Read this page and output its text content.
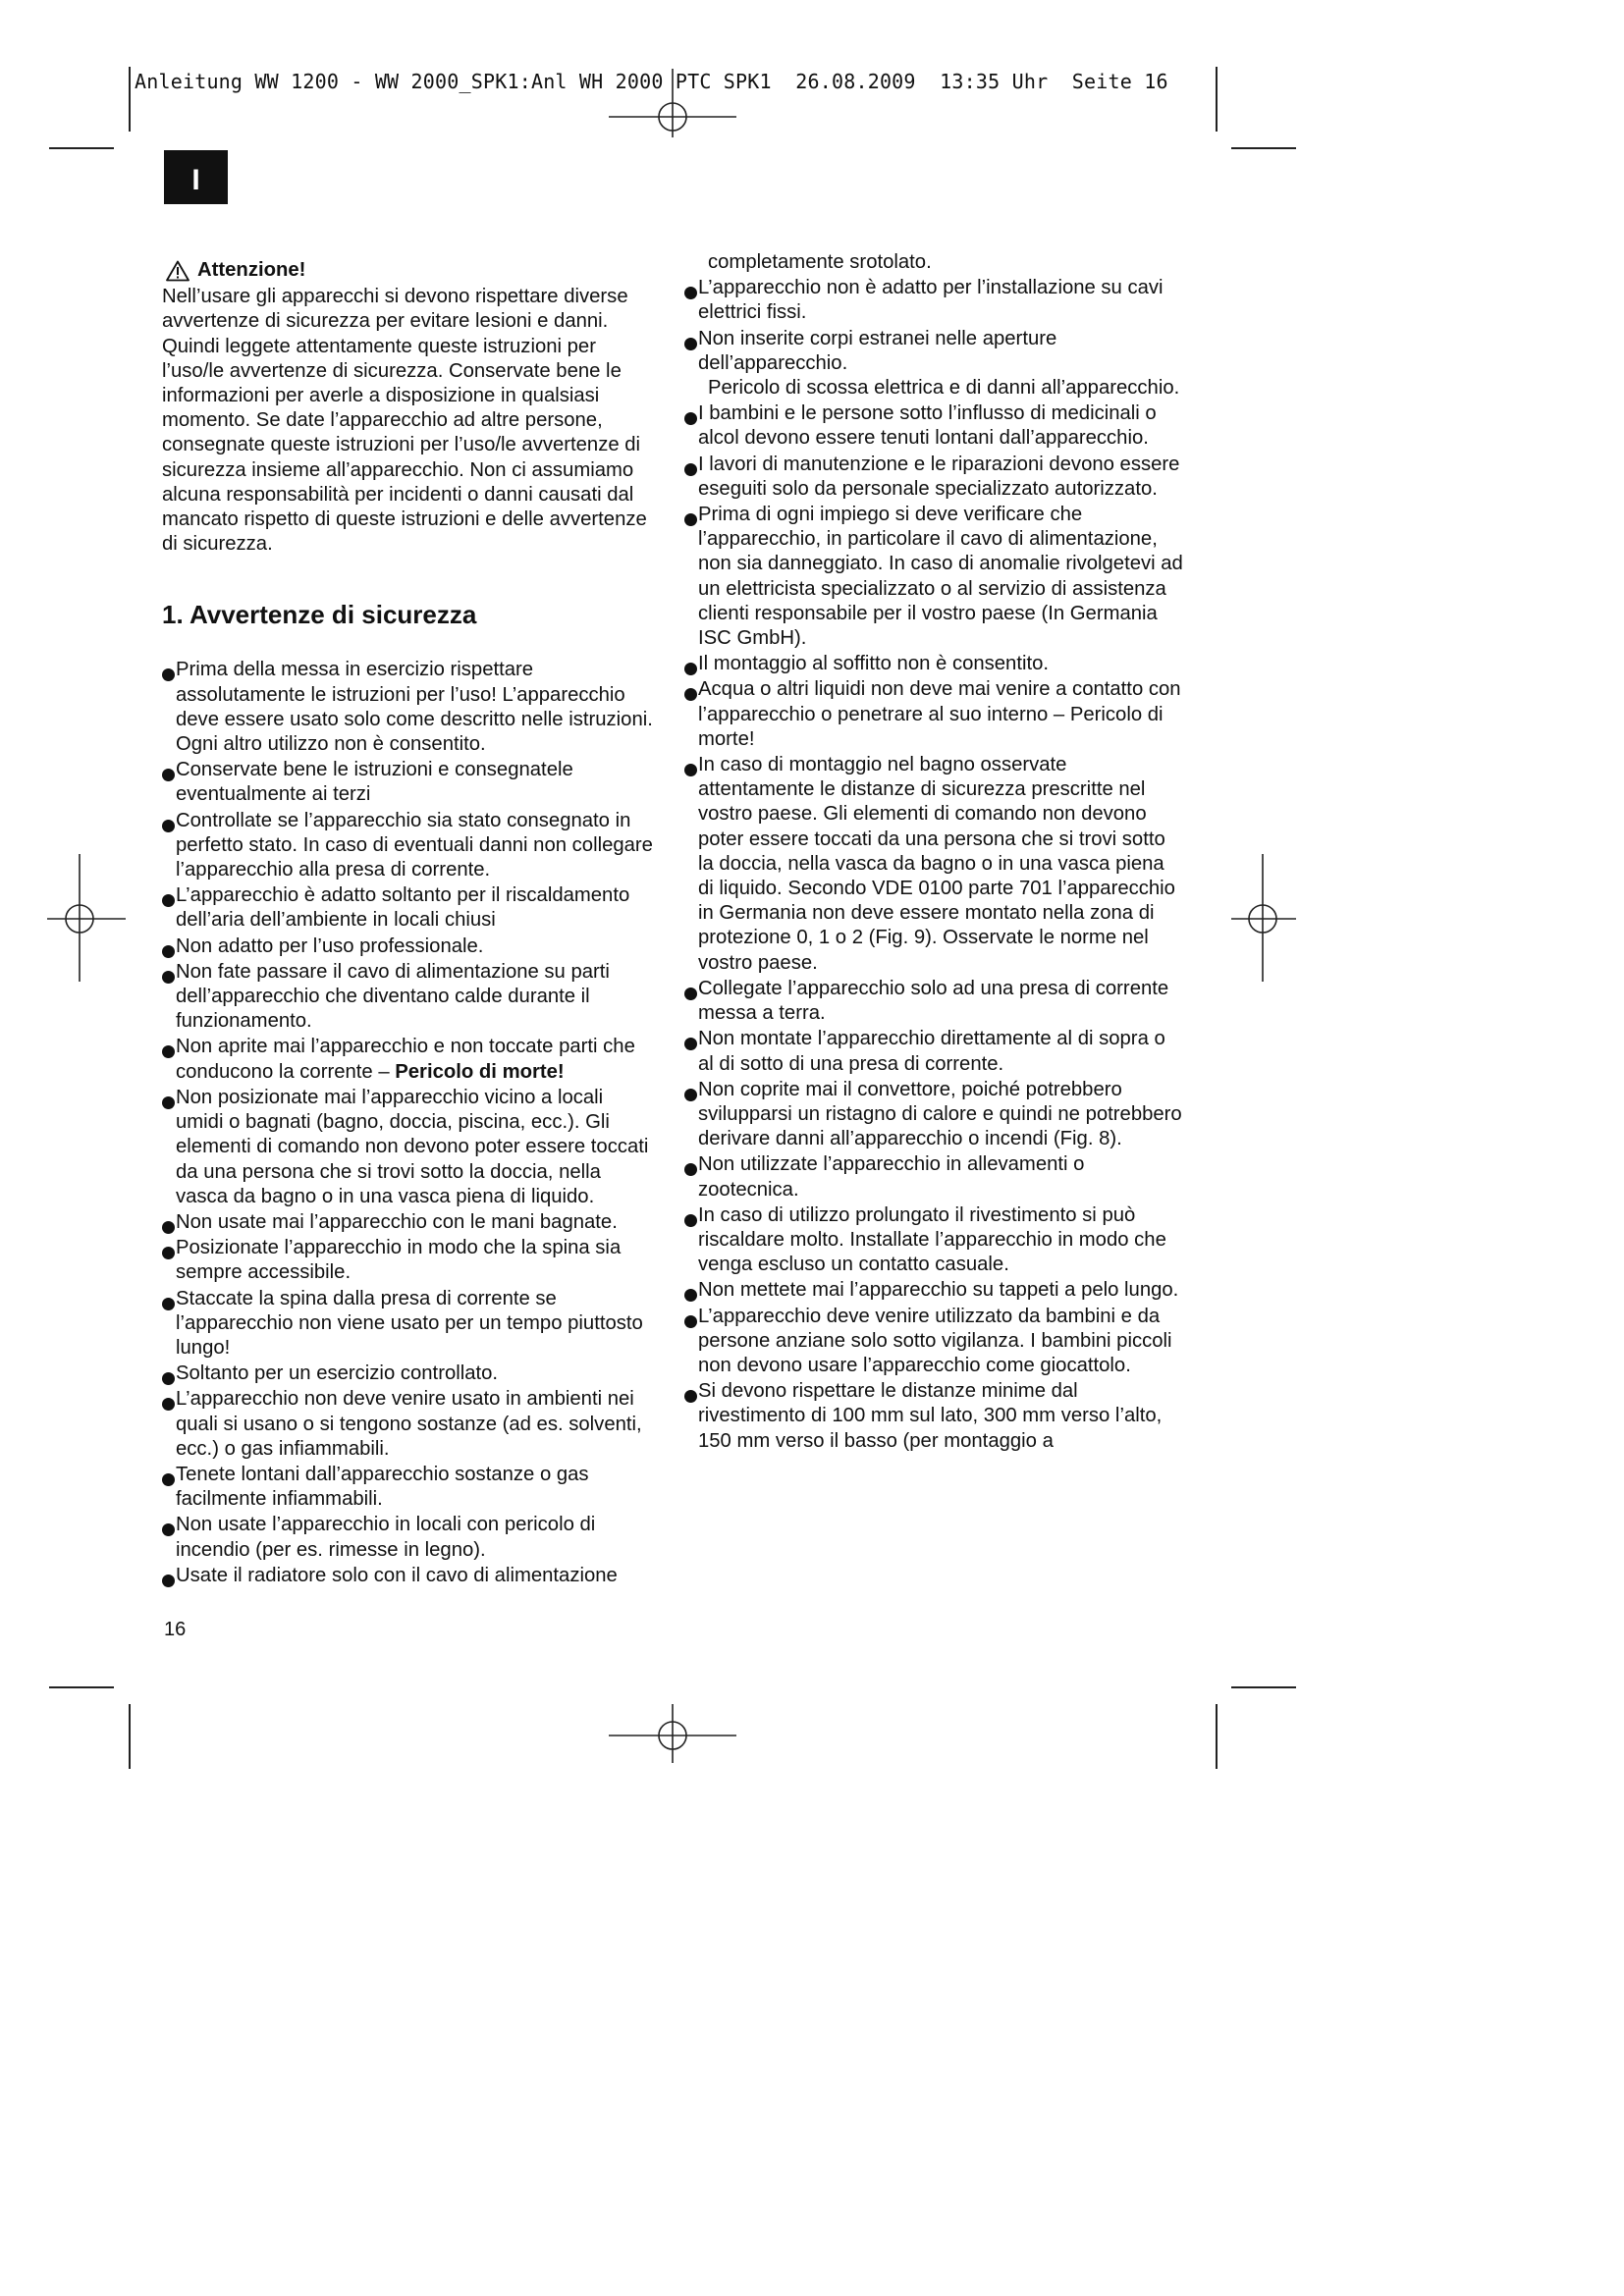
Anleitung WW 1200 - WW 2000_SPK1:Anl WH 2000 PTC SPK1  26.08.2009  13:35 Uhr  Seite 16
I
Attenzione!

Nell’usare gli apparecchi si devono rispettare diverse avvertenze di sicurezza per evitare lesioni e danni. Quindi leggete attentamente queste istruzioni per l’uso/le avvertenze di sicurezza. Conservate bene le informazioni per averle a disposizione in qualsiasi momento. Se date l’apparecchio ad altre persone, consegnate queste istruzioni per l’uso/le avvertenze di sicurezza insieme all’apparecchio. Non ci assumiamo alcuna responsabilità per incidenti o danni causati dal mancato rispetto di queste istruzioni e delle avvertenze di sicurezza.

1. Avvertenze di sicurezza
Prima della messa in esercizio rispettare assolutamente le istruzioni per l’uso! L’apparecchio deve essere usato solo come descritto nelle istruzioni. Ogni altro utilizzo non è consentito.
Conservate bene le istruzioni e consegnatele eventualmente ai terzi
Controllate se l’apparecchio sia stato consegnato in perfetto stato. In caso di eventuali danni non collegare l’apparecchio alla presa di corrente.
L’apparecchio è adatto soltanto per il riscaldamento dell’aria dell’ambiente in locali chiusi
Non adatto per l’uso professionale.
Non fate passare il cavo di alimentazione su parti dell’apparecchio che diventano calde durante il funzionamento.
Non aprite mai l’apparecchio e non toccate parti che conducono la corrente – Pericolo di morte!
Non posizionate mai l’apparecchio vicino a locali umidi o bagnati (bagno, doccia, piscina, ecc.). Gli elementi di comando non devono poter essere toccati da una persona che si trovi sotto la doccia, nella vasca da bagno o in una vasca piena di liquido.
Non usate mai l’apparecchio con le mani bagnate.
Posizionate l’apparecchio in modo che la spina sia sempre accessibile.
Staccate la spina dalla presa di corrente se l’apparecchio non viene usato per un tempo piuttosto lungo!
Soltanto per un esercizio controllato.
L’apparecchio non deve venire usato in ambienti nei quali si usano o si tengono sostanze (ad es. solventi, ecc.) o gas infiammabili.
Tenete lontani dall’apparecchio sostanze o gas facilmente infiammabili.
Non usate l’apparecchio in locali con pericolo di incendio (per es. rimesse in legno).
Usate il radiatore solo con il cavo di alimentazione
completamente srotolato.
L’apparecchio non è adatto per l’installazione su cavi elettrici fissi.
Non inserite corpi estranei nelle aperture dell’apparecchio.
Pericolo di scossa elettrica e di danni all’apparecchio.
I bambini e le persone sotto l’influsso di medicinali o alcol devono essere tenuti lontani dall’apparecchio.
I lavori di manutenzione e le riparazioni devono essere eseguiti solo da personale specializzato autorizzato.
Prima di ogni impiego si deve verificare che l’apparecchio, in particolare il cavo di alimentazione, non sia danneggiato. In caso di anomalie rivolgetevi ad un elettricista specializzato o al servizio di assistenza clienti responsabile per il vostro paese (In Germania ISC GmbH).
Il montaggio al soffitto non è consentito.
Acqua o altri liquidi non deve mai venire a contatto con l’apparecchio o penetrare al suo interno – Pericolo di morte!
In caso di montaggio nel bagno osservate attentamente le distanze di sicurezza prescritte nel vostro paese. Gli elementi di comando non devono poter essere toccati da una persona che si trovi sotto la doccia, nella vasca da bagno o in una vasca piena di liquido. Secondo VDE 0100 parte 701 l’apparecchio in Germania non deve essere montato nella zona di protezione 0, 1 o 2 (Fig. 9). Osservate le norme nel vostro paese.
Collegate l’apparecchio solo ad una presa di corrente messa a terra.
Non montate l’apparecchio direttamente al di sopra o al di sotto di una presa di corrente.
Non coprite mai il convettore, poiché potrebbero svilupparsi un ristagno di calore e quindi ne potrebbero derivare danni all’apparecchio o incendi (Fig. 8).
Non utilizzate l’apparecchio in allevamenti o zootecnica.
In caso di utilizzo prolungato il rivestimento si può riscaldare molto. Installate l’apparecchio in modo che venga escluso un contatto casuale.
Non mettete mai l’apparecchio su tappeti a pelo lungo.
L’apparecchio deve venire utilizzato da bambini e da persone anziane solo sotto vigilanza. I bambini piccoli non devono usare l’apparecchio come giocattolo.
Si devono rispettare le distanze minime dal rivestimento di 100 mm sul lato, 300 mm verso l’alto, 150 mm verso il basso (per montaggio a
16
